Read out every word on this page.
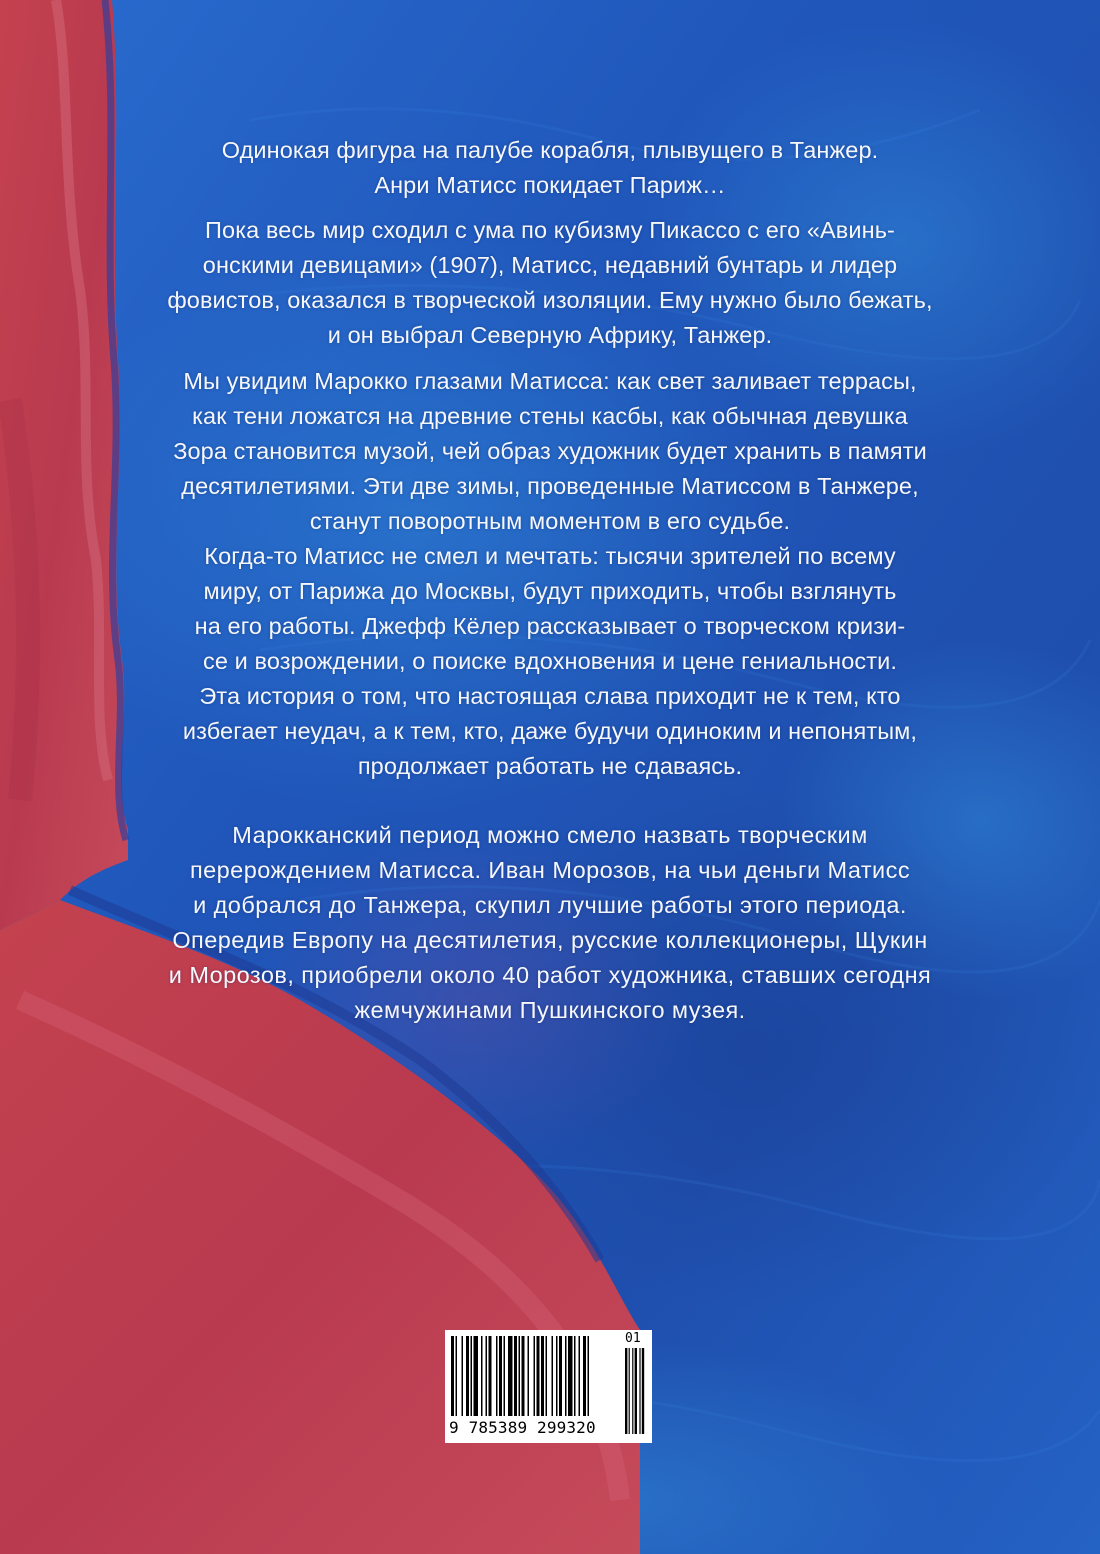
Одинокая фигура на палубе корабля, плывущего в Танжер.
Анри Матисс покидает Париж…

Пока весь мир сходил с ума по кубизму Пикассо с его «Авинь-
онскими девицами» (1907), Матисс, недавний бунтарь и лидер
фовистов, оказался в творческой изоляции. Ему нужно было бежать,
и он выбрал Северную Африку, Танжер.

Мы увидим Марокко глазами Матисса: как свет заливает террасы,
как тени ложатся на древние стены касбы, как обычная девушка
Зора становится музой, чей образ художник будет хранить в памяти
десятилетиями. Эти две зимы, проведенные Матиссом в Танжере,
станут поворотным моментом в его судьбе.

Когда-то Матисс не смел и мечтать: тысячи зрителей по всему
миру, от Парижа до Москвы, будут приходить, чтобы взглянуть
на его работы. Джефф Кёлер рассказывает о творческом кризи-
се и возрождении, о поиске вдохновения и цене гениальности.
Эта история о том, что настоящая слава приходит не к тем, кто
избегает неудач, а к тем, кто, даже будучи одиноким и непонятым,
продолжает работать не сдаваясь.

Марокканский период можно смело назвать творческим
перерождением Матисса. Иван Морозов, на чьи деньги Матисс
и добрался до Танжера, скупил лучшие работы этого периода.
Опередив Европу на десятилетия, русские коллекционеры, Щукин
и Морозов, приобрели около 40 работ художника, ставших сегодня
жемчужинами Пушкинского музея.

9 785389 299320
01
